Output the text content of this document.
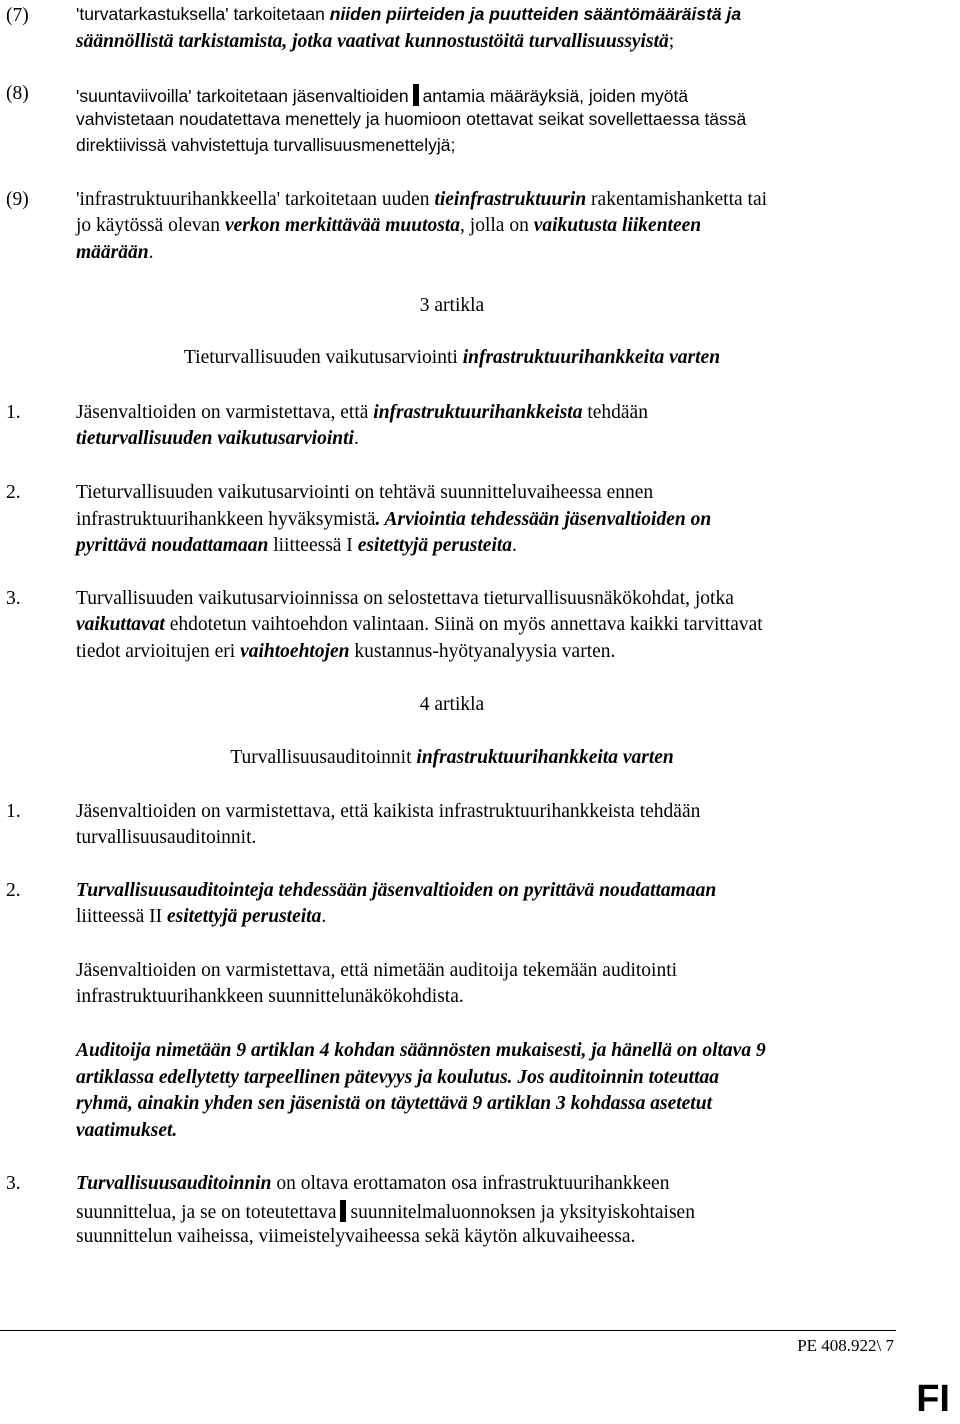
(7)	'turvatarkastuksella' tarkoitetaan niiden piirteiden ja puutteiden sääntömääräistä ja
säännöllistä tarkistamista, jotka vaativat kunnostustöitä turvallisuussyistä;
(8)	'suuntaviivoilla' tarkoitetaan jäsenvaltioiden antamia määräyksiä, joiden myötä
vahvistetaan noudatettava menettely ja huomioon otettavat seikat sovellettaessa tässä
direktiivissä vahvistettuja turvallisuusmenettelyjä;
(9) 'infrastruktuurihankkeella' tarkoitetaan uuden tieinfrastruktuurin rakentamishanketta tai
jo käytössä olevan verkon merkittävää muutosta, jolla on vaikutusta liikenteen
määrään.
3 artikla
Tieturvallisuuden vaikutusarviointi infrastruktuurihankkeita varten
1.	Jäsenvaltioiden on varmistettava, että infrastruktuurihankkeista tehdään
tieturvallisuuden vaikutusarviointi.
2.	Tieturvallisuuden vaikutusarviointi on tehtävä suunnitteluvaiheessa ennen
infrastruktuurihankkeen hyväksymistä. Arviointia tehdessään jäsenvaltioiden on
pyrittävä noudattamaan liitteessä I esitettyjä perusteita.
3.	Turvallisuuden vaikutusarvioinnissa on selostettava tieturvallisuusnäkökohdat, jotka
vaikuttavat ehdotetun vaihtoehdon valintaan. Siinä on myös annettava kaikki tarvittavat
tiedot arvioitujen eri vaihtoehtojen kustannus-hyötyanalyysia varten.
4 artikla
Turvallisuusauditoinnit infrastruktuurihankkeita varten
1.	Jäsenvaltioiden on varmistettava, että kaikista infrastruktuurihankkeista tehdään
turvallisuusauditoinnit.
2.	Turvallisuusauditointeja tehdessään jäsenvaltioiden on pyrittävä noudattamaan
liitteessä II esitettyjä perusteita.
Jäsenvaltioiden on varmistettava, että nimetään auditoija tekemään auditointi
infrastruktuurihankkeen suunnittelunäkökohdista.
Auditoija nimetään 9 artiklan 4 kohdan säännösten mukaisesti, ja hänellä on oltava 9
artiklassa edellytetty tarpeellinen pätevyys ja koulutus. Jos auditoinnin toteuttaa
ryhmä, ainakin yhden sen jäsenistä on täytettävä 9 artiklan 3 kohdassa asetetut
vaatimukset.
3.	Turvallisuusauditoinnin on oltava erottamaton osa infrastruktuurihankkeen
suunnittelua, ja se on toteutettava suunnitelmaluonnoksen ja yksityiskohtaisen
suunnittelun vaiheissa, viimeistelyvaiheessa sekä käytön alkuvaiheessa.
PE 408.922\ 7
FI
